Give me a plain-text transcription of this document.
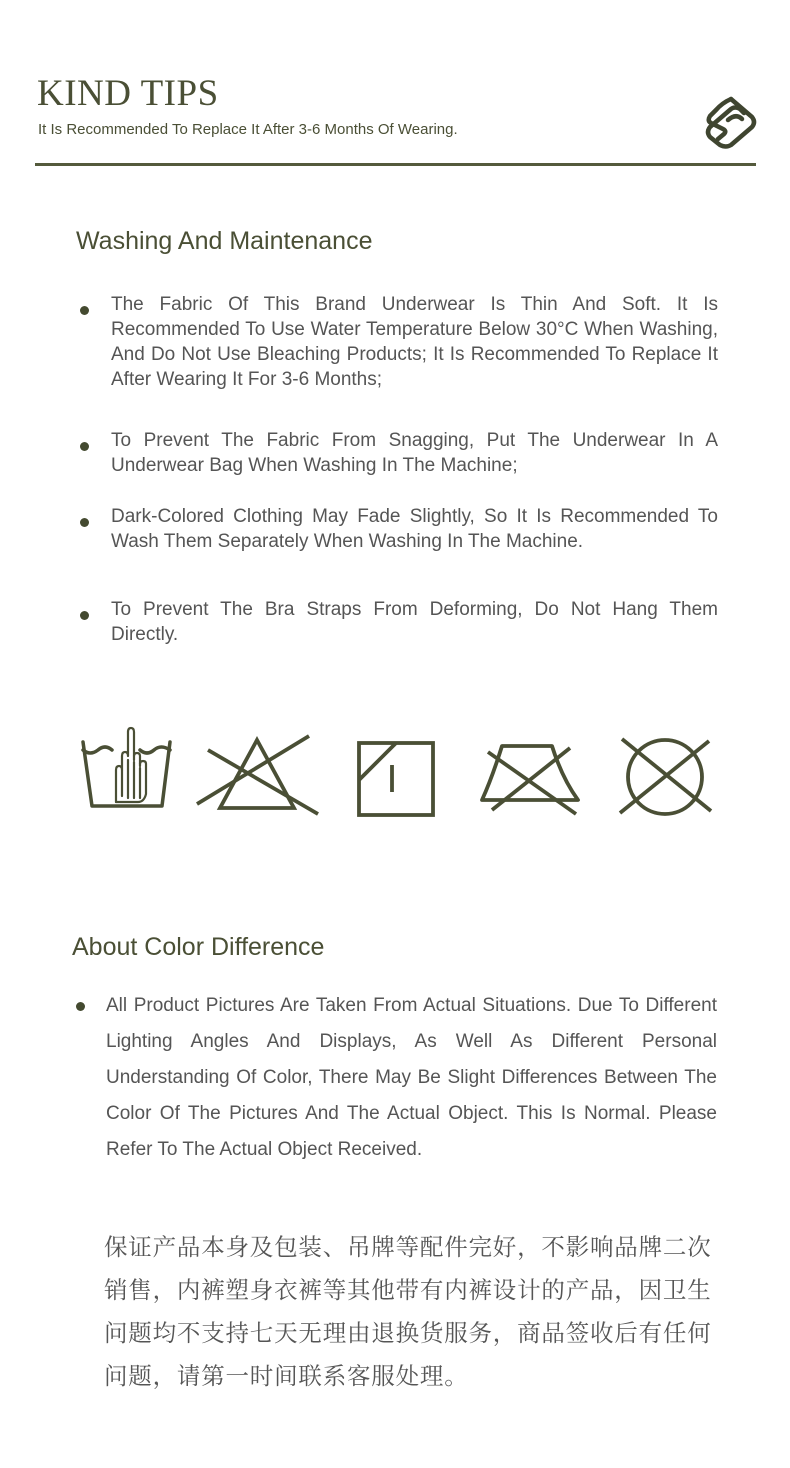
KIND TIPS
It Is Recommended To Replace It After 3-6 Months Of Wearing.
Washing And Maintenance

The Fabric Of This Brand Underwear Is Thin And Soft. It Is Recommended To Use Water Temperature Below 30°C When Washing, And Do Not Use Bleaching Products; It Is Recommended To Replace It After Wearing It For 3-6 Months;

To Prevent The Fabric From Snagging, Put The Underwear In A Underwear Bag When Washing In The Machine;

Dark-Colored Clothing May Fade Slightly, So It Is Recommended To Wash Them Separately When Washing In The Machine.

To Prevent The Bra Straps From Deforming, Do Not Hang Them Directly.

About Color Difference

All Product Pictures Are Taken From Actual Situations. Due To Different Lighting Angles And Displays, As Well As Different Personal Understanding Of Color, There May Be Slight Differences Between The Color Of The Pictures And The Actual Object. This Is Normal. Please Refer To The Actual Object Received.

保证产品本身及包装、吊牌等配件完好，不影响品牌二次销售，内裤塑身衣裤等其他带有内裤设计的产品，因卫生问题均不支持七天无理由退换货服务，商品签收后有任何问题，请第一时间联系客服处理。
